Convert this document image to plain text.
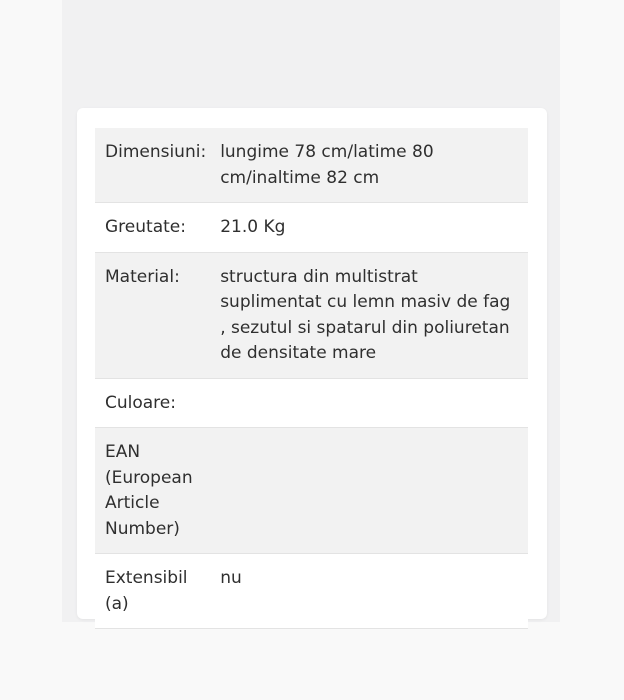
Dimensiuni:	lungime 78 cm/latime 80 cm/inaltime 82 cm
Greutate:	21.0 Kg
Material:	structura din multistrat suplimentat cu lemn masiv de fag , sezutul si spatarul din poliuretan de densitate mare
Culoare:	
EAN (European Article Number)	
Extensibil (a)	nu
